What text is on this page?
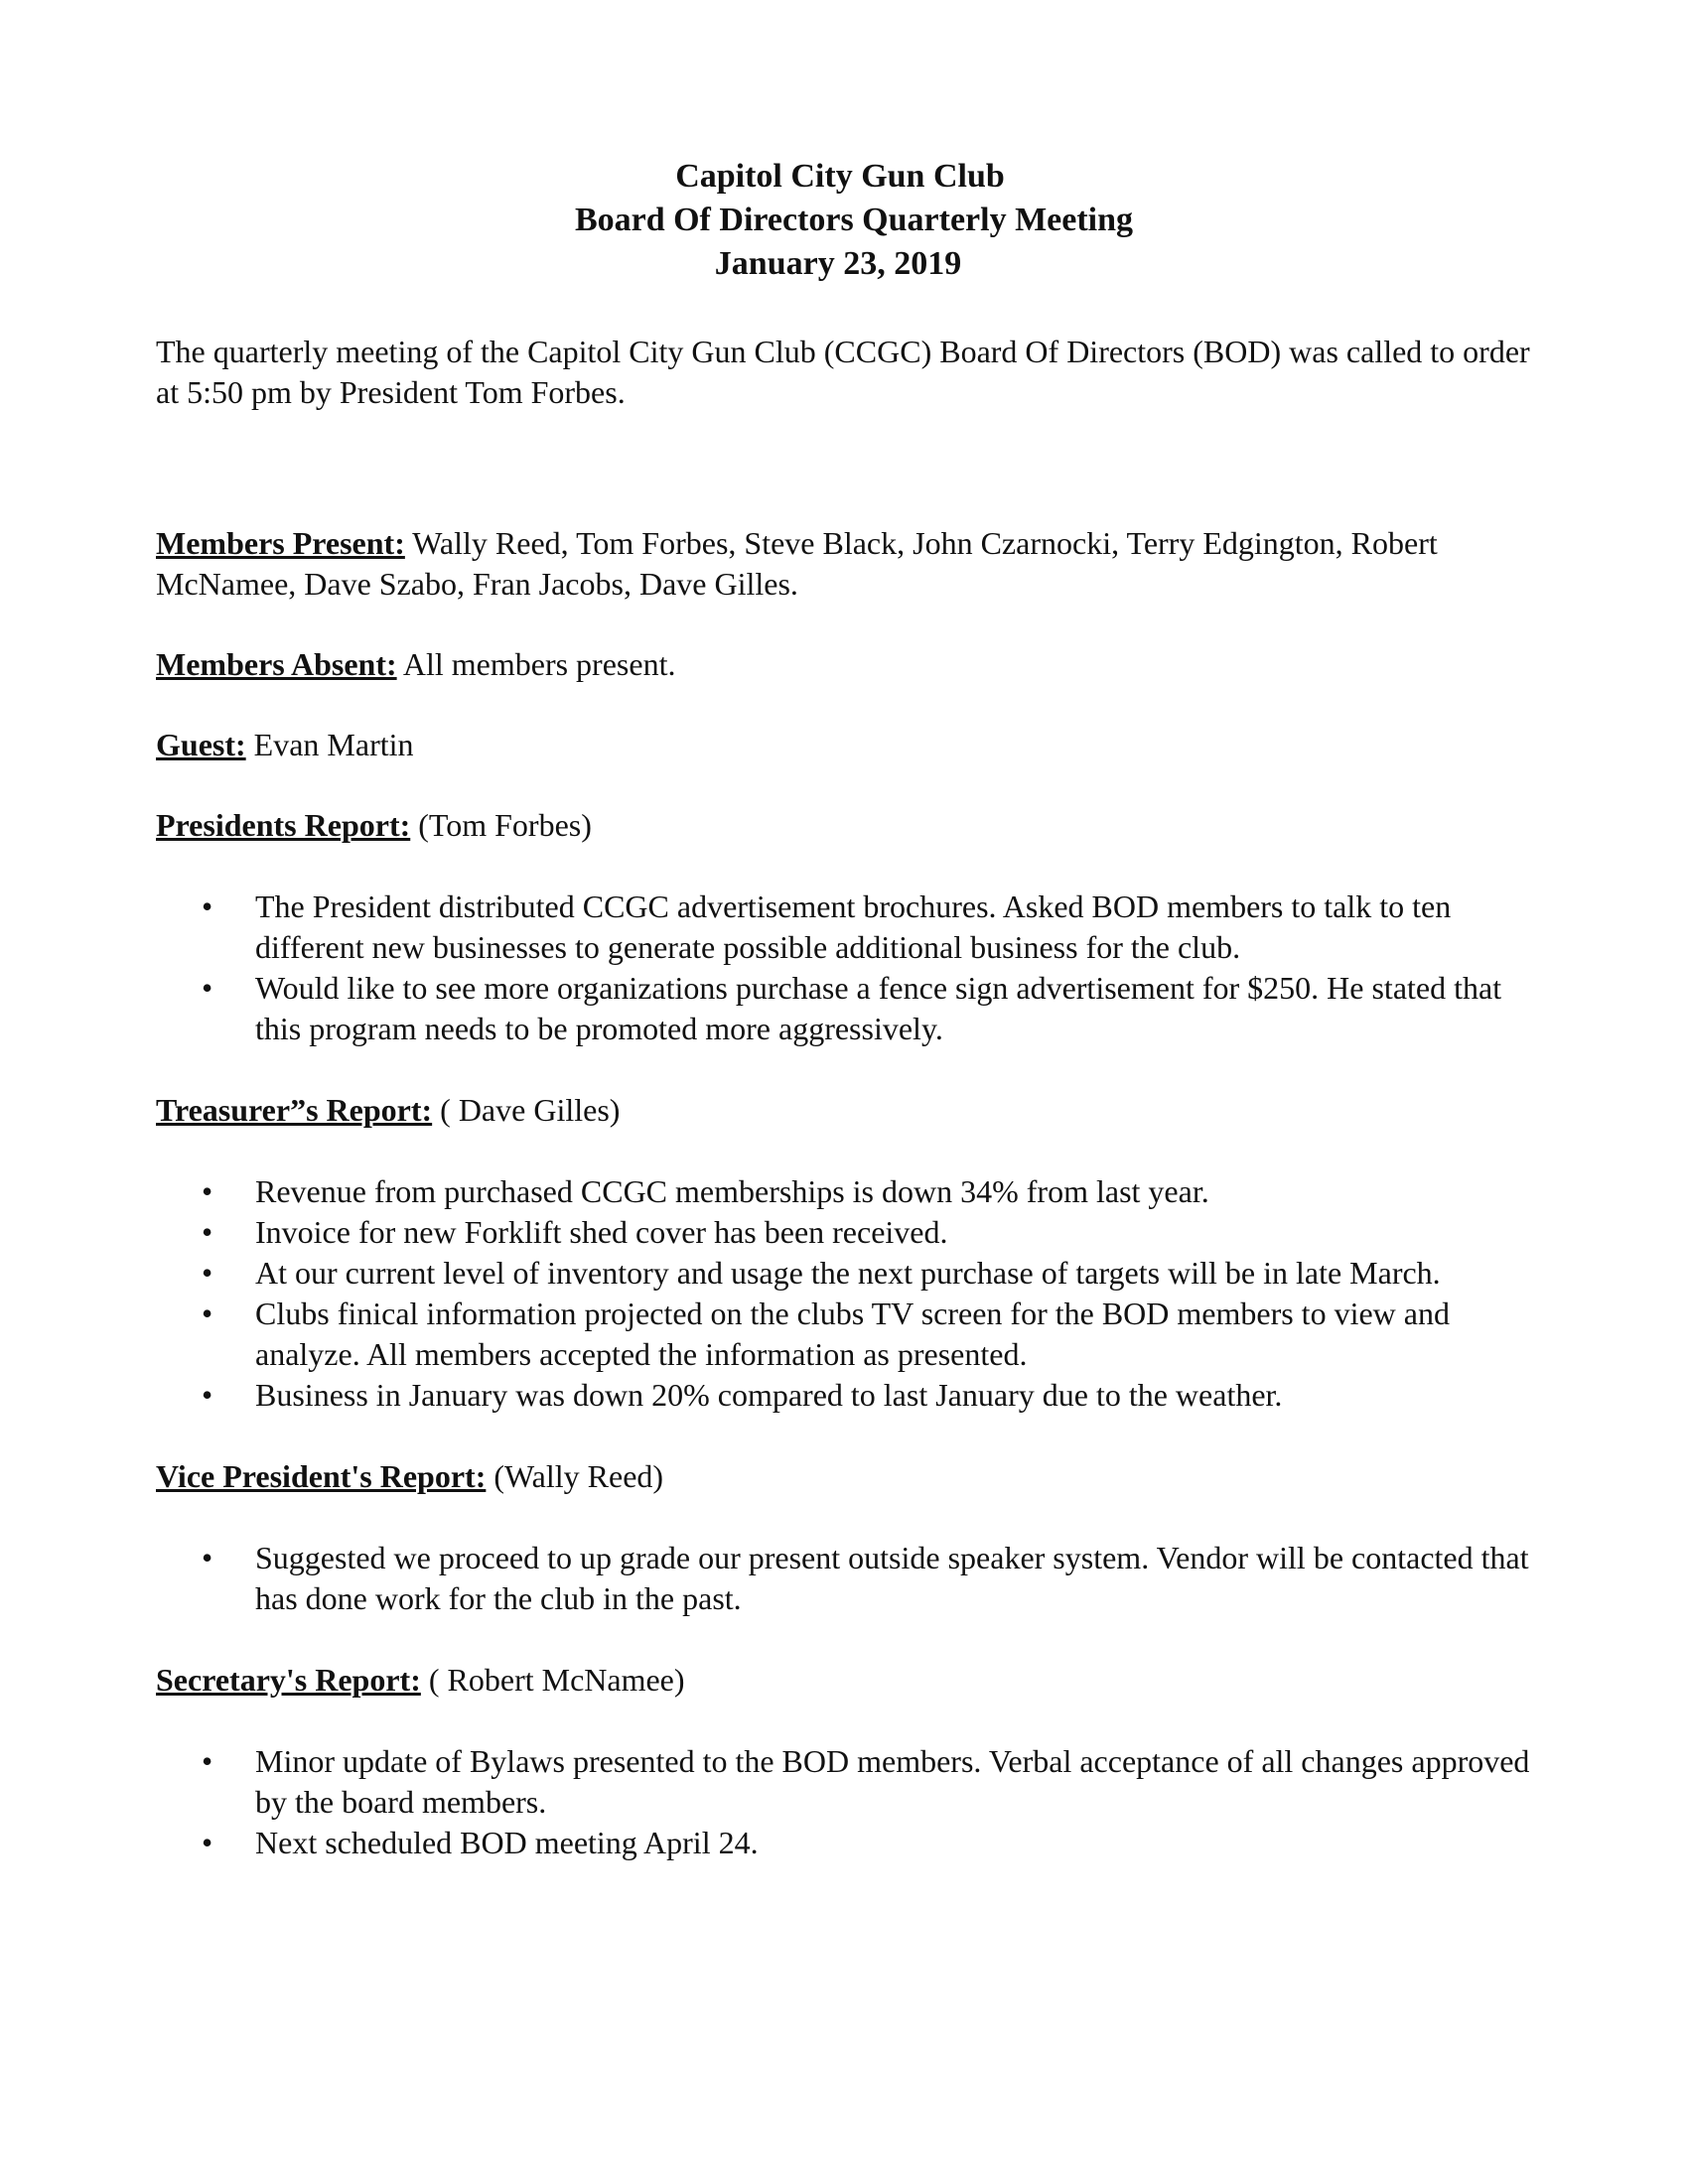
Capitol City Gun Club
Board Of Directors Quarterly Meeting
January 23, 2019

The quarterly meeting of the Capitol City Gun Club (CCGC) Board Of Directors (BOD) was called to order at 5:50 pm by President Tom Forbes.

Members Present: Wally Reed, Tom Forbes, Steve Black, John Czarnocki, Terry Edgington, Robert McNamee, Dave Szabo, Fran Jacobs, Dave Gilles.

Members Absent: All members present.

Guest: Evan Martin

Presidents Report: (Tom Forbes)

• The President distributed CCGC advertisement brochures. Asked BOD members to talk to ten different new businesses to generate possible additional business for the club.
• Would like to see more organizations purchase a fence sign advertisement for $250. He stated that this program needs to be promoted more aggressively.

Treasurer”s Report: ( Dave Gilles)

• Revenue from purchased CCGC memberships is down 34% from last year.
• Invoice for new Forklift shed cover has been received.
• At our current level of inventory and usage the next purchase of targets will be in late March.
• Clubs finical information projected on the clubs TV screen for the BOD members to view and analyze. All members accepted the information as presented.
• Business in January was down 20% compared to last January due to the weather.

Vice President's Report: (Wally Reed)

• Suggested we proceed to up grade our present outside speaker system. Vendor will be contacted that has done work for the club in the past.

Secretary's Report: ( Robert McNamee)

• Minor update of Bylaws presented to the BOD members. Verbal acceptance of all changes approved by the board members.
• Next scheduled BOD meeting April 24.
